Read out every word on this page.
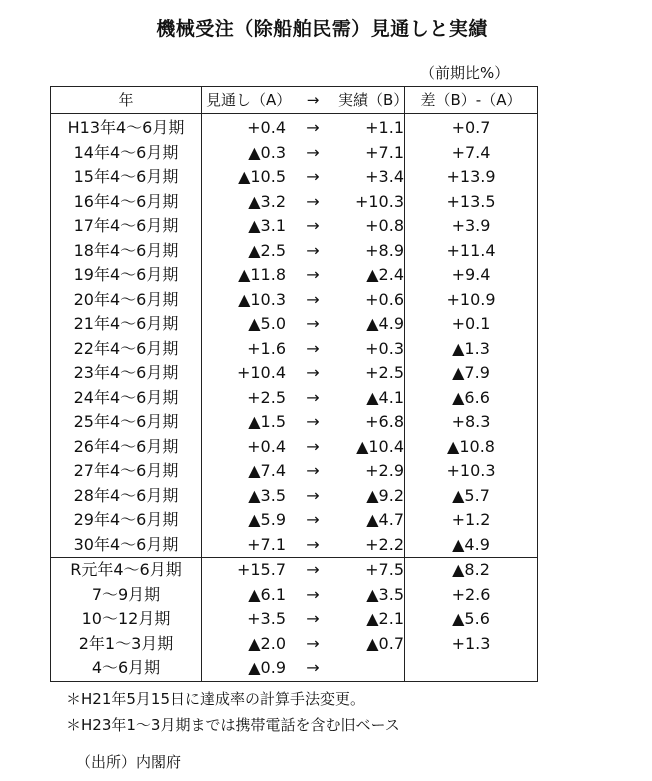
機械受注（除船舶民需）見通しと実績
（前期比%）
年	見通し（A）	→	実績（B）	差（B）-（A）
H13年4～6月期	+0.4	→	+1.1	+0.7
14年4～6月期	▲0.3	→	+7.1	+7.4
15年4～6月期	▲10.5	→	+3.4	+13.9
16年4～6月期	▲3.2	→	+10.3	+13.5
17年4～6月期	▲3.1	→	+0.8	+3.9
18年4～6月期	▲2.5	→	+8.9	+11.4
19年4～6月期	▲11.8	→	▲2.4	+9.4
20年4～6月期	▲10.3	→	+0.6	+10.9
21年4～6月期	▲5.0	→	▲4.9	+0.1
22年4～6月期	+1.6	→	+0.3	▲1.3
23年4～6月期	+10.4	→	+2.5	▲7.9
24年4～6月期	+2.5	→	▲4.1	▲6.6
25年4～6月期	▲1.5	→	+6.8	+8.3
26年4～6月期	+0.4	→	▲10.4	▲10.8
27年4～6月期	▲7.4	→	+2.9	+10.3
28年4～6月期	▲3.5	→	▲9.2	▲5.7
29年4～6月期	▲5.9	→	▲4.7	+1.2
30年4～6月期	+7.1	→	+2.2	▲4.9
R元年4～6月期	+15.7	→	+7.5	▲8.2
7～9月期	▲6.1	→	▲3.5	+2.6
10～12月期	+3.5	→	▲2.1	▲5.6
2年1～3月期	▲2.0	→	▲0.7	+1.3
4～6月期	▲0.9	→		
＊H21年5月15日に達成率の計算手法変更。
＊H23年1～3月期までは携帯電話を含む旧ベース
（出所）内閣府
